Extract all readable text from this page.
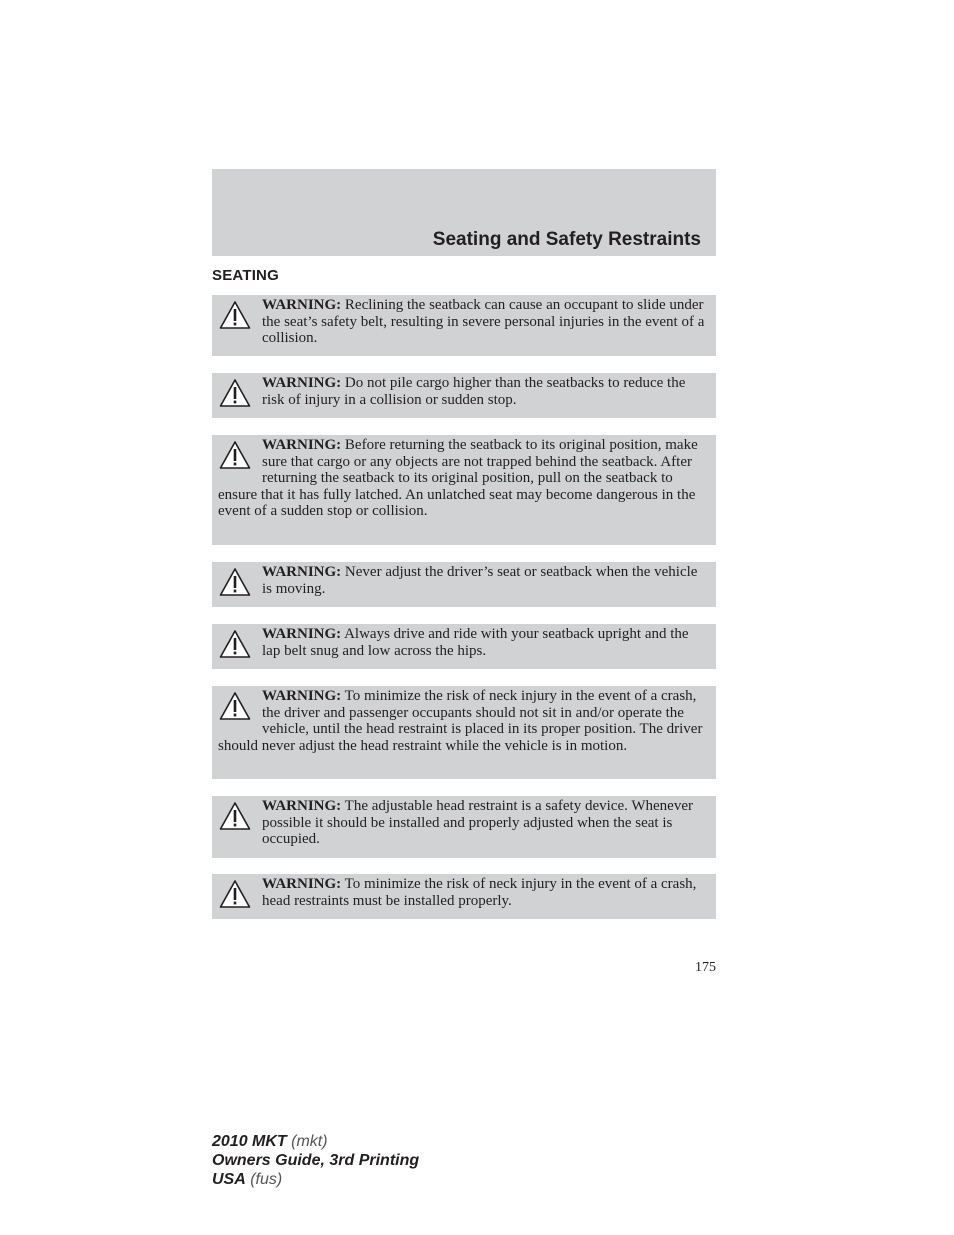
Seating and Safety Restraints
SEATING
WARNING: Reclining the seatback can cause an occupant to slide under the seat’s safety belt, resulting in severe personal injuries in the event of a collision.
WARNING: Do not pile cargo higher than the seatbacks to reduce the risk of injury in a collision or sudden stop.
WARNING: Before returning the seatback to its original position, make sure that cargo or any objects are not trapped behind the seatback. After returning the seatback to its original position, pull on the seatback to ensure that it has fully latched. An unlatched seat may become dangerous in the event of a sudden stop or collision.
WARNING: Never adjust the driver’s seat or seatback when the vehicle is moving.
WARNING: Always drive and ride with your seatback upright and the lap belt snug and low across the hips.
WARNING: To minimize the risk of neck injury in the event of a crash, the driver and passenger occupants should not sit in and/or operate the vehicle, until the head restraint is placed in its proper position. The driver should never adjust the head restraint while the vehicle is in motion.
WARNING: The adjustable head restraint is a safety device. Whenever possible it should be installed and properly adjusted when the seat is occupied.
WARNING: To minimize the risk of neck injury in the event of a crash, head restraints must be installed properly.
175
2010 MKT (mkt)
Owners Guide, 3rd Printing
USA (fus)
